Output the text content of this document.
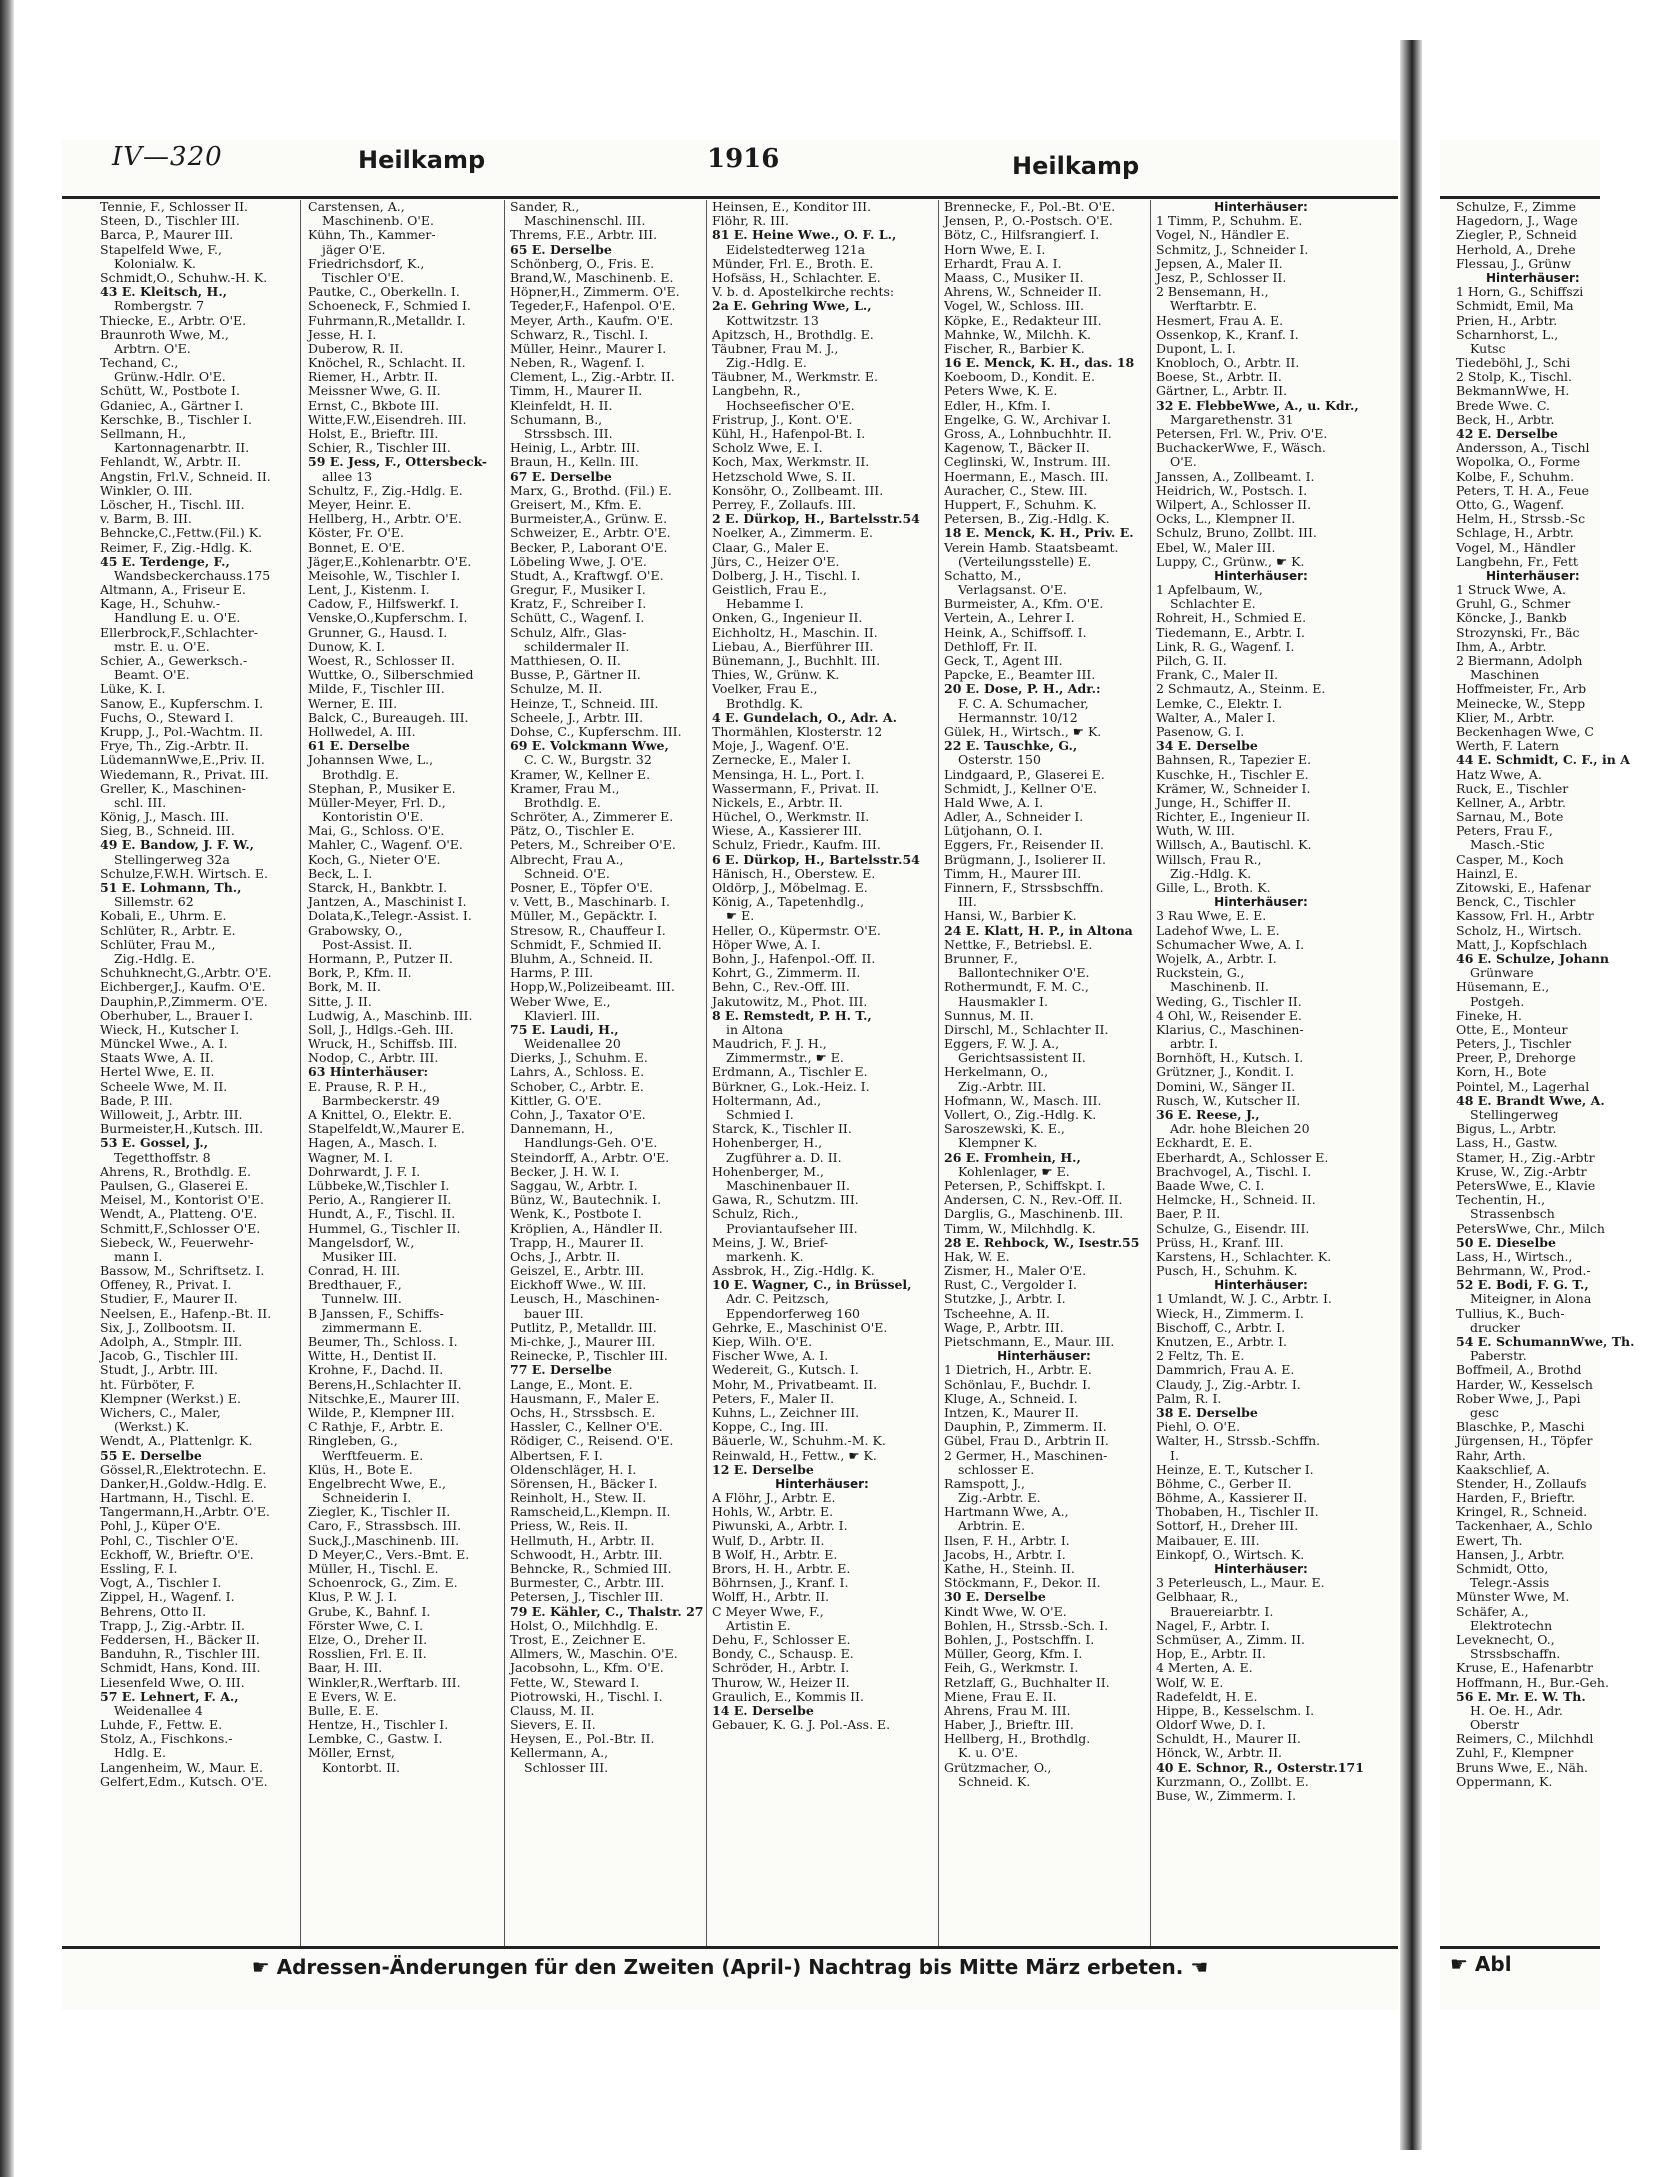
IV—320	Heilkamp	1916	Heilkamp
Tennie, F., Schlosser II.
Steen, D., Tischler III.
Barca, P., Maurer III.
Stapelfeld Wwe, F.,
Kolonialw. K.
Schmidt,O., Schuhw.-H. K.
43 E. Kleitsch, H.,
Rombergstr. 7
Thiecke, E., Arbtr. O'E.
Braunroth Wwe, M.,
Arbtrn. O'E.
Techand, C.,
Grünw.-Hdlr. O'E.
Schütt, W., Postbote I.
Gdaniec, A., Gärtner I.
Kerschke, B., Tischler I.
Sellmann, H.,
Kartonnagenarbtr. II.
Fehlandt, W., Arbtr. II.
Angstin, Frl.V., Schneid. II.
Winkler, O. III.
Löscher, H., Tischl. III.
v. Barm, B. III.
Behncke,C.,Fettw.(Fil.) K.
Reimer, F., Zig.-Hdlg. K.
45 E. Terdenge, F.,
Wandsbeckerchauss.175
Altmann, A., Friseur E.
Kage, H., Schuhw.-
Handlung E. u. O'E.
Ellerbrock,F.,Schlachter-
mstr. E. u. O'E.
Schier, A., Gewerksch.-
Beamt. O'E.
Lüke, K. I.
Sanow, E., Kupferschm. I.
Fuchs, O., Steward I.
Krupp, J., Pol.-Wachtm. II.
Frye, Th., Zig.-Arbtr. II.
LüdemannWwe,E.,Priv. II.
Wiedemann, R., Privat. III.
Greller, K., Maschinen-
schl. III.
König, J., Masch. III.
Sieg, B., Schneid. III.
49 E. Bandow, J. F. W.,
Stellingerweg 32a
Schulze,F.W.H. Wirtsch. E.
51 E. Lohmann, Th.,
Sillemstr. 62
Kobali, E., Uhrm. E.
Schlüter, R., Arbtr. E.
Schlüter, Frau M.,
Zig.-Hdlg. E.
Schuhknecht,G.,Arbtr. O'E.
Eichberger,J., Kaufm. O'E.
Dauphin,P.,Zimmerm. O'E.
Oberhuber, L., Brauer I.
Wieck, H., Kutscher I.
Münckel Wwe., A. I.
Staats Wwe, A. II.
Hertel Wwe, E. II.
Scheele Wwe, M. II.
Bade, P. III.
Willoweit, J., Arbtr. III.
Burmeister,H.,Kutsch. III.
53 E. Gossel, J.,
Tegetthoffstr. 8
Ahrens, R., Brothdlg. E.
Paulsen, G., Glaserei E.
Meisel, M., Kontorist O'E.
Wendt, A., Platteng. O'E.
Schmitt,F.,Schlosser O'E.
Siebeck, W., Feuerwehr-
mann I.
Bassow, M., Schriftsetz. I.
Offeney, R., Privat. I.
Studier, F., Maurer II.
Neelsen, E., Hafenp.-Bt. II.
Six, J., Zollbootsm. II.
Adolph, A., Stmplr. III.
Jacob, G., Tischler III.
Studt, J., Arbtr. III.
ht. Fürböter, F.
Klempner (Werkst.) E.
Wichers, C., Maler,
(Werkst.) K.
Wendt, A., Plattenlgr. K.
55 E. Derselbe
Gössel,R.,Elektrotechn. E.
Danker,H.,Goldw.-Hdlg. E.
Hartmann, H., Tischl. E.
Tangermann,H.,Arbtr. O'E.
Pohl, J., Küper O'E.
Pohl, C., Tischler O'E.
Eckhoff, W., Brieftr. O'E.
Essling, F. I.
Vogt, A., Tischler I.
Zippel, H., Wagenf. I.
Behrens, Otto II.
Trapp, J., Zig.-Arbtr. II.
Feddersen, H., Bäcker II.
Banduhn, R., Tischler III.
Schmidt, Hans, Kond. III.
Liesenfeld Wwe, O. III.
57 E. Lehnert, F. A.,
Weidenallee 4
Luhde, F., Fettw. E.
Stolz, A., Fischkons.-
Hdlg. E.
Langenheim, W., Maur. E.
Gelfert,Edm., Kutsch. O'E.
Carstensen, A.,
Maschinenb. O'E.
Kühn, Th., Kammer-
jäger O'E.
Friedrichsdorf, K.,
Tischler O'E.
Pautke, C., Oberkelln. I.
Schoeneck, F., Schmied I.
Fuhrmann,R.,Metalldr. I.
Jesse, H. I.
Duberow, R. II.
Knöchel, R., Schlacht. II.
Riemer, H., Arbtr. II.
Meissner Wwe, G. II.
Ernst, C., Bkbote III.
Witte,F.W.,Eisendreh. III.
Holst, E., Brieftr. III.
Schier, R., Tischler III.
59 E. Jess, F., Ottersbeck-
allee 13
Schultz, F., Zig.-Hdlg. E.
Meyer, Heinr. E.
Hellberg, H., Arbtr. O'E.
Köster, Fr. O'E.
Bonnet, E. O'E.
Jäger,E.,Kohlenarbtr. O'E.
Meisohle, W., Tischler I.
Lent, J., Kistenm. I.
Cadow, F., Hilfswerkf. I.
Venske,O.,Kupferschm. I.
Grunner, G., Hausd. I.
Dunow, K. I.
Woest, R., Schlosser II.
Wuttke, O., Silberschmied
Milde, F., Tischler III.
Werner, E. III.
Balck, C., Bureaugeh. III.
Hollwedel, A. III.
61 E. Derselbe
Johannsen Wwe, L.,
Brothdlg. E.
Stephan, P., Musiker E.
Müller-Meyer, Frl. D.,
Kontoristin O'E.
Mai, G., Schloss. O'E.
Mahler, C., Wagenf. O'E.
Koch, G., Nieter O'E.
Beck, L. I.
Starck, H., Bankbtr. I.
Jantzen, A., Maschinist I.
Dolata,K.,Telegr.-Assist. I.
Grabowsky, O.,
Post-Assist. II.
Hormann, P., Putzer II.
Bork, P., Kfm. II.
Bork, M. II.
Sitte, J. II.
Ludwig, A., Maschinb. III.
Soll, J., Hdlgs.-Geh. III.
Wruck, H., Schiffsb. III.
Nodop, C., Arbtr. III.
63 Hinterhäuser:
E. Prause, R. P. H.,
Barmbeckerstr. 49
A Knittel, O., Elektr. E.
Stapelfeldt,W.,Maurer E.
Hagen, A., Masch. I.
Wagner, M. I.
Dohrwardt, J. F. I.
Lübbeke,W.,Tischler I.
Perio, A., Rangierer II.
Hundt, A., F., Tischl. II.
Hummel, G., Tischler II.
Mangelsdorf, W.,
Musiker III.
Conrad, H. III.
Bredthauer, F.,
Tunnelw. III.
B Janssen, F., Schiffs-
zimmermann E.
Beumer, Th., Schloss. I.
Witte, H., Dentist II.
Krohne, F., Dachd. II.
Berens,H.,Schlachter II.
Nitschke,E., Maurer III.
Wilde, P., Klempner III.
C Rathje, F., Arbtr. E.
Ringleben, G.,
Werftfeuerm. E.
Klüs, H., Bote E.
Engelbrecht Wwe, E.,
Schneiderin I.
Ziegler, K., Tischler II.
Caro, F., Strassbsch. III.
Suck,J.,Maschinenb. III.
D Meyer,C., Vers.-Bmt. E.
Müller, H., Tischl. E.
Schoenrock, G., Zim. E.
Klus, P. W. J. I.
Grube, K., Bahnf. I.
Förster Wwe, C. I.
Elze, O., Dreher II.
Rosslien, Frl. E. II.
Baar, H. III.
Winkler,R.,Werftarb. III.
E Evers, W. E.
Bulle, E. E.
Hentze, H., Tischler I.
Lembke, C., Gastw. I.
Möller, Ernst,
Kontorbt. II.
Sander, R.,
Maschinenschl. III.
Threms, F.E., Arbtr. III.
65 E. Derselbe
Schönberg, O., Fris. E.
Brand,W., Maschinenb. E.
Höpner,H., Zimmerm. O'E.
Tegeder,F., Hafenpol. O'E.
Meyer, Arth., Kaufm. O'E.
Schwarz, R., Tischl. I.
Müller, Heinr., Maurer I.
Neben, R., Wagenf. I.
Clement, L., Zig.-Arbtr. II.
Timm, H., Maurer II.
Kleinfeldt, H. II.
Schumann, B.,
Strssbsch. III.
Heinig, L., Arbtr. III.
Braun, H., Kelln. III.
67 E. Derselbe
Marx, G., Brothd. (Fil.) E.
Greisert, M., Kfm. E.
Burmeister,A., Grünw. E.
Schweizer, E., Arbtr. O'E.
Becker, P., Laborant O'E.
Löbeling Wwe, J. O'E.
Studt, A., Kraftwgf. O'E.
Gregur, F., Musiker I.
Kratz, F., Schreiber I.
Schütt, C., Wagenf. I.
Schulz, Alfr., Glas-
schildermaler II.
Matthiesen, O. II.
Busse, P., Gärtner II.
Schulze, M. II.
Heinze, T., Schneid. III.
Scheele, J., Arbtr. III.
Dohse, C., Kupferschm. III.
69 E. Volckmann Wwe,
C. C. W., Burgstr. 32
Kramer, W., Kellner E.
Kramer, Frau M.,
Brothdlg. E.
Schröter, A., Zimmerer E.
Pätz, O., Tischler E.
Peters, M., Schreiber O'E.
Albrecht, Frau A.,
Schneid. O'E.
Posner, E., Töpfer O'E.
v. Vett, B., Maschinarb. I.
Müller, M., Gepäcktr. I.
Stresow, R., Chauffeur I.
Schmidt, F., Schmied II.
Bluhm, A., Schneid. II.
Harms, P. III.
Hopp,W.,Polizeibeamt. III.
Weber Wwe, E.,
Klavierl. III.
75 E. Laudi, H.,
Weidenallee 20
Dierks, J., Schuhm. E.
Lahrs, A., Schloss. E.
Schober, C., Arbtr. E.
Kittler, G. O'E.
Cohn, J., Taxator O'E.
Dannemann, H.,
Handlungs-Geh. O'E.
Steindorff, A., Arbtr. O'E.
Becker, J. H. W. I.
Saggau, W., Arbtr. I.
Bünz, W., Bautechnik. I.
Wenk, K., Postbote I.
Kröplien, A., Händler II.
Trapp, H., Maurer II.
Ochs, J., Arbtr. II.
Geiszel, E., Arbtr. III.
Eickhoff Wwe., W. III.
Leusch, H., Maschinen-
bauer III.
Putlitz, P., Metalldr. III.
Mi-chke, J., Maurer III.
Reinecke, P., Tischler III.
77 E. Derselbe
Lange, E., Mont. E.
Hausmann, F., Maler E.
Ochs, H., Strssbsch. E.
Hassler, C., Kellner O'E.
Rödiger, C., Reisend. O'E.
Albertsen, F. I.
Oldenschläger, H. I.
Sörensen, H., Bäcker I.
Reinholt, H., Stew. II.
Ramscheid,L.,Klempn. II.
Priess, W., Reis. II.
Hellmuth, H., Arbtr. II.
Schwoodt, H., Arbtr. III.
Behncke, R., Schmied III.
Burmester, C., Arbtr. III.
Petersen, J., Tischler III.
79 E. Kähler, C., Thalstr. 27
Holst, O., Milchhdlg. E.
Trost, E., Zeichner E.
Allmers, W., Maschin. O'E.
Jacobsohn, L., Kfm. O'E.
Fette, W., Steward I.
Piotrowski, H., Tischl. I.
Clauss, M. II.
Sievers, E. II.
Heysen, E., Pol.-Btr. II.
Kellermann, A.,
Schlosser III.
Heinsen, E., Konditor III.
Flöhr, R. III.
81 E. Heine Wwe., O. F. L.,
Eidelstedterweg 121a
Münder, Frl. E., Broth. E.
Hofsäss, H., Schlachter. E.
V. b. d. Apostelkirche rechts:
2a E. Gehring Wwe, L.,
Kottwitzstr. 13
Apitzsch, H., Brothdlg. E.
Täubner, Frau M. J.,
Zig.-Hdlg. E.
Täubner, M., Werkmstr. E.
Langbehn, R.,
Hochseefischer O'E.
Fristrup, J., Kont. O'E.
Kühl, H., Hafenpol-Bt. I.
Scholz Wwe, E. I.
Koch, Max, Werkmstr. II.
Hetzschold Wwe, S. II.
Konsöhr, O., Zollbeamt. III.
Perrey, F., Zollaufs. III.
2 E. Dürkop, H., Bartelsstr.54
Noelker, A., Zimmerm. E.
Claar, G., Maler E.
Jürs, C., Heizer O'E.
Dolberg, J. H., Tischl. I.
Geistlich, Frau E.,
Hebamme I.
Onken, G., Ingenieur II.
Eichholtz, H., Maschin. II.
Liebau, A., Bierführer III.
Bünemann, J., Buchhlt. III.
Thies, W., Grünw. K.
Voelker, Frau E.,
Brothdlg. K.
4 E. Gundelach, O., Adr. A.
Thormählen, Klosterstr. 12
Moje, J., Wagenf. O'E.
Zernecke, E., Maler I.
Mensinga, H. L., Port. I.
Wassermann, F., Privat. II.
Nickels, E., Arbtr. II.
Hüchel, O., Werkmstr. II.
Wiese, A., Kassierer III.
Schulz, Friedr., Kaufm. III.
6 E. Dürkop, H., Bartelsstr.54
Hänisch, H., Oberstew. E.
Oldörp, J., Möbelmag. E.
König, A., Tapetenhdlg.,
☛ E.
Heller, O., Küpermstr. O'E.
Höper Wwe, A. I.
Bohn, J., Hafenpol.-Off. II.
Kohrt, G., Zimmerm. II.
Behn, C., Rev.-Off. III.
Jakutowitz, M., Phot. III.
8 E. Remstedt, P. H. T.,
in Altona
Maudrich, F. J. H.,
Zimmermstr., ☛ E.
Erdmann, A., Tischler E.
Bürkner, G., Lok.-Heiz. I.
Holtermann, Ad.,
Schmied I.
Starck, K., Tischler II.
Hohenberger, H.,
Zugführer a. D. II.
Hohenberger, M.,
Maschinenbauer II.
Gawa, R., Schutzm. III.
Schulz, Rich.,
Proviantaufseher III.
Meins, J. W., Brief-
markenh. K.
Assbrok, H., Zig.-Hdlg. K.
10 E. Wagner, C., in Brüssel,
Adr. C. Peitzsch,
Eppendorferweg 160
Gehrke, E., Maschinist O'E.
Kiep, Wilh. O'E.
Fischer Wwe, A. I.
Wedereit, G., Kutsch. I.
Mohr, M., Privatbeamt. II.
Peters, F., Maler II.
Kuhns, L., Zeichner III.
Koppe, C., Ing. III.
Bäuerle, W., Schuhm.-M. K.
Reinwald, H., Fettw., ☛ K.
12 E. Derselbe
Hinterhäuser:
A Flöhr, J., Arbtr. E.
Hohls, W., Arbtr. E.
Piwunski, A., Arbtr. I.
Wulf, D., Arbtr. II.
B Wolf, H., Arbtr. E.
Brors, H. H., Arbtr. E.
Böhrnsen, J., Kranf. I.
Wolff, H., Arbtr. II.
C Meyer Wwe, F.,
Artistin E.
Dehu, F., Schlosser E.
Bondy, C., Schausp. E.
Schröder, H., Arbtr. I.
Thurow, W., Heizer II.
Graulich, E., Kommis II.
14 E. Derselbe
Gebauer, K. G. J. Pol.-Ass. E.
Brennecke, F., Pol.-Bt. O'E.
Jensen, P., O.-Postsch. O'E.
Bötz, C., Hilfsrangierf. I.
Horn Wwe, E. I.
Erhardt, Frau A. I.
Maass, C., Musiker II.
Ahrens, W., Schneider II.
Vogel, W., Schloss. III.
Köpke, E., Redakteur III.
Mahnke, W., Milchh. K.
Fischer, R., Barbier K.
16 E. Menck, K. H., das. 18
Koeboom, D., Kondit. E.
Peters Wwe, K. E.
Edler, H., Kfm. I.
Engelke, G. W., Archivar I.
Gross, A., Lohnbuchhtr. II.
Kagenow, T., Bäcker II.
Ceglinski, W., Instrum. III.
Hoermann, E., Masch. III.
Auracher, C., Stew. III.
Huppert, F., Schuhm. K.
Petersen, B., Zig.-Hdlg. K.
18 E. Menck, K. H., Priv. E.
Verein Hamb. Staatsbeamt.
(Verteilungsstelle) E.
Schatto, M.,
Verlagsanst. O'E.
Burmeister, A., Kfm. O'E.
Vertein, A., Lehrer I.
Heink, A., Schiffsoff. I.
Dethloff, Fr. II.
Geck, T., Agent III.
Papcke, E., Beamter III.
20 E. Dose, P. H., Adr.:
F. C. A. Schumacher,
Hermannstr. 10/12
Gülek, H., Wirtsch., ☛ K.
22 E. Tauschke, G.,
Osterstr. 150
Lindgaard, P., Glaserei E.
Schmidt, J., Kellner O'E.
Hald Wwe, A. I.
Adler, A., Schneider I.
Lütjohann, O. I.
Eggers, Fr., Reisender II.
Brügmann, J., Isolierer II.
Timm, H., Maurer III.
Finnern, F., Strssbschffn.
III.
Hansi, W., Barbier K.
24 E. Klatt, H. P., in Altona
Nettke, F., Betriebsl. E.
Brunner, F.,
Ballontechniker O'E.
Rothermundt, F. M. C.,
Hausmakler I.
Sunnus, M. II.
Dirschl, M., Schlachter II.
Eggers, F. W. J. A.,
Gerichtsassistent II.
Herkelmann, O.,
Zig.-Arbtr. III.
Hofmann, W., Masch. III.
Vollert, O., Zig.-Hdlg. K.
Saroszewski, K. E.,
Klempner K.
26 E. Fromhein, H.,
Kohlenlager, ☛ E.
Petersen, P., Schiffskpt. I.
Andersen, C. N., Rev.-Off. II.
Darglis, G., Maschinenb. III.
Timm, W., Milchhdlg. K.
28 E. Rehbock, W., Isestr.55
Hak, W. E.
Zismer, H., Maler O'E.
Rust, C., Vergolder I.
Stutzke, J., Arbtr. I.
Tscheehne, A. II.
Wage, P., Arbtr. III.
Pietschmann, E., Maur. III.
Hinterhäuser:
1 Dietrich, H., Arbtr. E.
Schönlau, F., Buchdr. I.
Kluge, A., Schneid. I.
Intzen, K., Maurer II.
Dauphin, P., Zimmerm. II.
Gübel, Frau D., Arbtrin II.
2 Germer, H., Maschinen-
schlosser E.
Ramspott, J.,
Zig.-Arbtr. E.
Hartmann Wwe, A.,
Arbtrin. E.
Ilsen, F. H., Arbtr. I.
Jacobs, H., Arbtr. I.
Kathe, H., Steinh. II.
Stöckmann, F., Dekor. II.
30 E. Derselbe
Kindt Wwe, W. O'E.
Bohlen, H., Strssb.-Sch. I.
Bohlen, J., Postschffn. I.
Müller, Georg, Kfm. I.
Feih, G., Werkmstr. I.
Retzlaff, G., Buchhalter II.
Miene, Frau E. II.
Ahrens, Frau M. III.
Haber, J., Brieftr. III.
Hellberg, H., Brothdlg.
K. u. O'E.
Grützmacher, O.,
Schneid. K.
Hinterhäuser:
1 Timm, P., Schuhm. E.
Vogel, N., Händler E.
Schmitz, J., Schneider I.
Jepsen, A., Maler II.
Jesz, P., Schlosser II.
2 Bensemann, H.,
Werftarbtr. E.
Hesmert, Frau A. E.
Ossenkop, K., Kranf. I.
Dupont, L. I.
Knobloch, O., Arbtr. II.
Boese, St., Arbtr. II.
Gärtner, L., Arbtr. II.
32 E. FlebbeWwe, A., u. Kdr.,
Margarethenstr. 31
Petersen, Frl. W., Priv. O'E.
BuchackerWwe, F., Wäsch.
O'E.
Janssen, A., Zollbeamt. I.
Heidrich, W., Postsch. I.
Wilpert, A., Schlosser II.
Ocks, L., Klempner II.
Schulz, Bruno, Zollbt. III.
Ebel, W., Maler III.
Luppy, C., Grünw., ☛ K.
Hinterhäuser:
1 Apfelbaum, W.,
Schlachter E.
Rohreit, H., Schmied E.
Tiedemann, E., Arbtr. I.
Link, R. G., Wagenf. I.
Pilch, G. II.
Frank, C., Maler II.
2 Schmautz, A., Steinm. E.
Lemke, C., Elektr. I.
Walter, A., Maler I.
Pasenow, G. I.
34 E. Derselbe
Bahnsen, R., Tapezier E.
Kuschke, H., Tischler E.
Krämer, W., Schneider I.
Junge, H., Schiffer II.
Richter, E., Ingenieur II.
Wuth, W. III.
Willsch, A., Bautischl. K.
Willsch, Frau R.,
Zig.-Hdlg. K.
Gille, L., Broth. K.
Hinterhäuser:
3 Rau Wwe, E. E.
Ladehof Wwe, L. E.
Schumacher Wwe, A. I.
Wojelk, A., Arbtr. I.
Ruckstein, G.,
Maschinenb. II.
Weding, G., Tischler II.
4 Ohl, W., Reisender E.
Klarius, C., Maschinen-
arbtr. I.
Bornhöft, H., Kutsch. I.
Grützner, J., Kondit. I.
Domini, W., Sänger II.
Rusch, W., Kutscher II.
36 E. Reese, J.,
Adr. hohe Bleichen 20
Eckhardt, E. E.
Eberhardt, A., Schlosser E.
Brachvogel, A., Tischl. I.
Baade Wwe, C. I.
Helmcke, H., Schneid. II.
Baer, P. II.
Schulze, G., Eisendr. III.
Prüss, H., Kranf. III.
Karstens, H., Schlachter. K.
Pusch, H., Schuhm. K.
Hinterhäuser:
1 Umlandt, W. J. C., Arbtr. I.
Wieck, H., Zimmerm. I.
Bischoff, C., Arbtr. I.
Knutzen, E., Arbtr. I.
2 Feltz, Th. E.
Dammrich, Frau A. E.
Claudy, J., Zig.-Arbtr. I.
Palm, R. I.
38 E. Derselbe
Piehl, O. O'E.
Walter, H., Strssb.-Schffn.
I.
Heinze, E. T., Kutscher I.
Böhme, C., Gerber II.
Böhme, A., Kassierer II.
Thobaben, H., Tischler II.
Sottorf, H., Dreher III.
Maibauer, E. III.
Einkopf, O., Wirtsch. K.
Hinterhäuser:
3 Peterleusch, L., Maur. E.
Gelbhaar, R.,
Brauereiarbtr. I.
Nagel, F., Arbtr. I.
Schmüser, A., Zimm. II.
Hop, E., Arbtr. II.
4 Merten, A. E.
Wolf, W. E.
Radefeldt, H. E.
Hippe, B., Kesselschm. I.
Oldorf Wwe, D. I.
Schuldt, H., Maurer II.
Hönck, W., Arbtr. II.
40 E. Schnor, R., Osterstr.171
Kurzmann, O., Zollbt. E.
Buse, W., Zimmerm. I.
☛ Adressen-Änderungen für den Zweiten (April-) Nachtrag bis Mitte März erbeten. ☚
Schulze, F., Zimme
Hagedorn, J., Wage
Ziegler, P., Schneid
Herhold, A., Drehe
Flessau, J., Grünw
Hinterhäuser:
1 Horn, G., Schiffszi
Schmidt, Emil, Ma
Prien, H., Arbtr.
Scharnhorst, L.,
Kutsc
Tiedeböhl, J., Schi
2 Stolp, K., Tischl.
BekmannWwe, H.
Brede Wwe. C.
Beck, H., Arbtr.
42 E. Derselbe
Andersson, A., Tischl
Wopolka, O., Forme
Kolbe, F., Schuhm.
Peters, T. H. A., Feue
Otto, G., Wagenf.
Helm, H., Strssb.-Sc
Schlage, H., Arbtr.
Vogel, M., Händler
Langbehn, Fr., Fett
Hinterhäuser:
1 Struck Wwe, A.
Gruhl, G., Schmer
Köncke, J., Bankb
Strozynski, Fr., Bäc
Ihm, A., Arbtr.
2 Biermann, Adolph
Maschinen
Hoffmeister, Fr., Arb
Meinecke, W., Stepp
Klier, M., Arbtr.
Beckenhagen Wwe, C
Werth, F. Latern
44 E. Schmidt, C. F., in A
Hatz Wwe, A.
Ruck, E., Tischler
Kellner, A., Arbtr.
Sarnau, M., Bote
Peters, Frau F.,
Masch.-Stic
Casper, M., Koch
Hainzl, E.
Zitowski, E., Hafenar
Benck, C., Tischler
Kassow, Frl. H., Arbtr
Scholz, H., Wirtsch.
Matt, J., Kopfschlach
46 E. Schulze, Johann
Grünware
Hüsemann, E.,
Postgeh.
Fineke, H.
Otte, E., Monteur
Peters, J., Tischler
Preer, P., Drehorge
Korn, H., Bote
Pointel, M., Lagerhal
48 E. Brandt Wwe, A.
Stellingerweg
Bigus, L., Arbtr.
Lass, H., Gastw.
Stamer, H., Zig.-Arbtr
Kruse, W., Zig.-Arbtr
PetersWwe, E., Klavie
Techentin, H.,
Strassenbsch
PetersWwe, Chr., Milch
50 E. Dieselbe
Lass, H., Wirtsch.,
Behrmann, W., Prod.-
52 E. Bodi, F. G. T.,
Miteigner, in Alona
Tullius, K., Buch-
drucker
54 E. SchumannWwe, Th.
Paberstr.
Boffmeil, A., Brothd
Harder, W., Kesselsch
Rober Wwe, J., Papi
gesc
Blaschke, P., Maschi
Jürgensen, H., Töpfer
Rahr, Arth.
Kaakschlief, A.
Stender, H., Zollaufs
Harden, F., Brieftr.
Kringel, R., Schneid.
Tackenhaer, A., Schlo
Ewert, Th.
Hansen, J., Arbtr.
Schmidt, Otto,
Telegr.-Assis
Münster Wwe, M.
Schäfer, A.,
Elektrotechn
Leveknecht, O.,
Strssbschaffn.
Kruse, E., Hafenarbtr
Hoffmann, H., Bur.-Geh.
56 E. Mr. E. W. Th.
H. Oe. H., Adr.
Oberstr
Reimers, C., Milchhdl
Zuhl, F., Klempner
Bruns Wwe, E., Näh.
Oppermann, K.
☛ Abl
